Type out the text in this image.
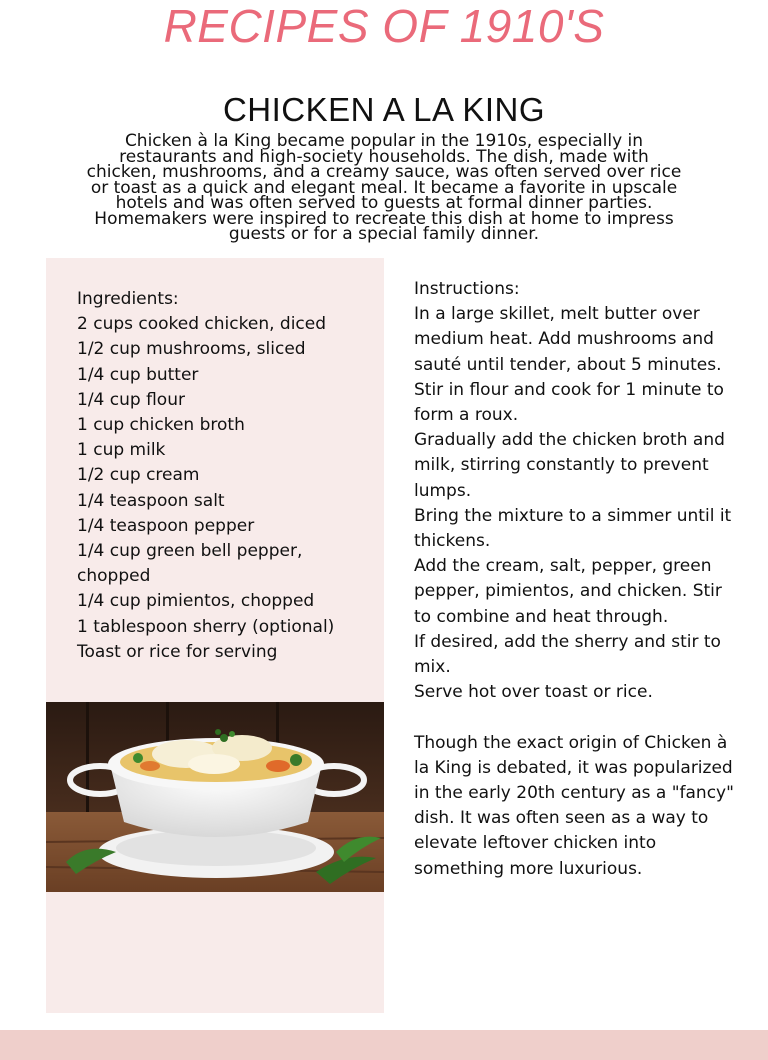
RECIPES OF 1910'S
CHICKEN A LA KING
Chicken à la King became popular in the 1910s, especially in
restaurants and high-society households. The dish, made with
chicken, mushrooms, and a creamy sauce, was often served over rice
or toast as a quick and elegant meal. It became a favorite in upscale
hotels and was often served to guests at formal dinner parties.
Homemakers were inspired to recreate this dish at home to impress
guests or for a special family dinner.
Ingredients:
2 cups cooked chicken, diced
1/2 cup mushrooms, sliced
1/4 cup butter
1/4 cup flour
1 cup chicken broth
1 cup milk
1/2 cup cream
1/4 teaspoon salt
1/4 teaspoon pepper
1/4 cup green bell pepper, chopped
1/4 cup pimientos, chopped
1 tablespoon sherry (optional)
Toast or rice for serving
Instructions:
In a large skillet, melt butter over medium heat. Add mushrooms and sauté until tender, about 5 minutes.
Stir in flour and cook for 1 minute to form a roux.
Gradually add the chicken broth and milk, stirring constantly to prevent lumps.
Bring the mixture to a simmer until it thickens.
Add the cream, salt, pepper, green pepper, pimientos, and chicken. Stir to combine and heat through.
If desired, add the sherry and stir to mix.
Serve hot over toast or rice.
Though the exact origin of Chicken à la King is debated, it was popularized in the early 20th century as a "fancy" dish. It was often seen as a way to elevate leftover chicken into something more luxurious.
